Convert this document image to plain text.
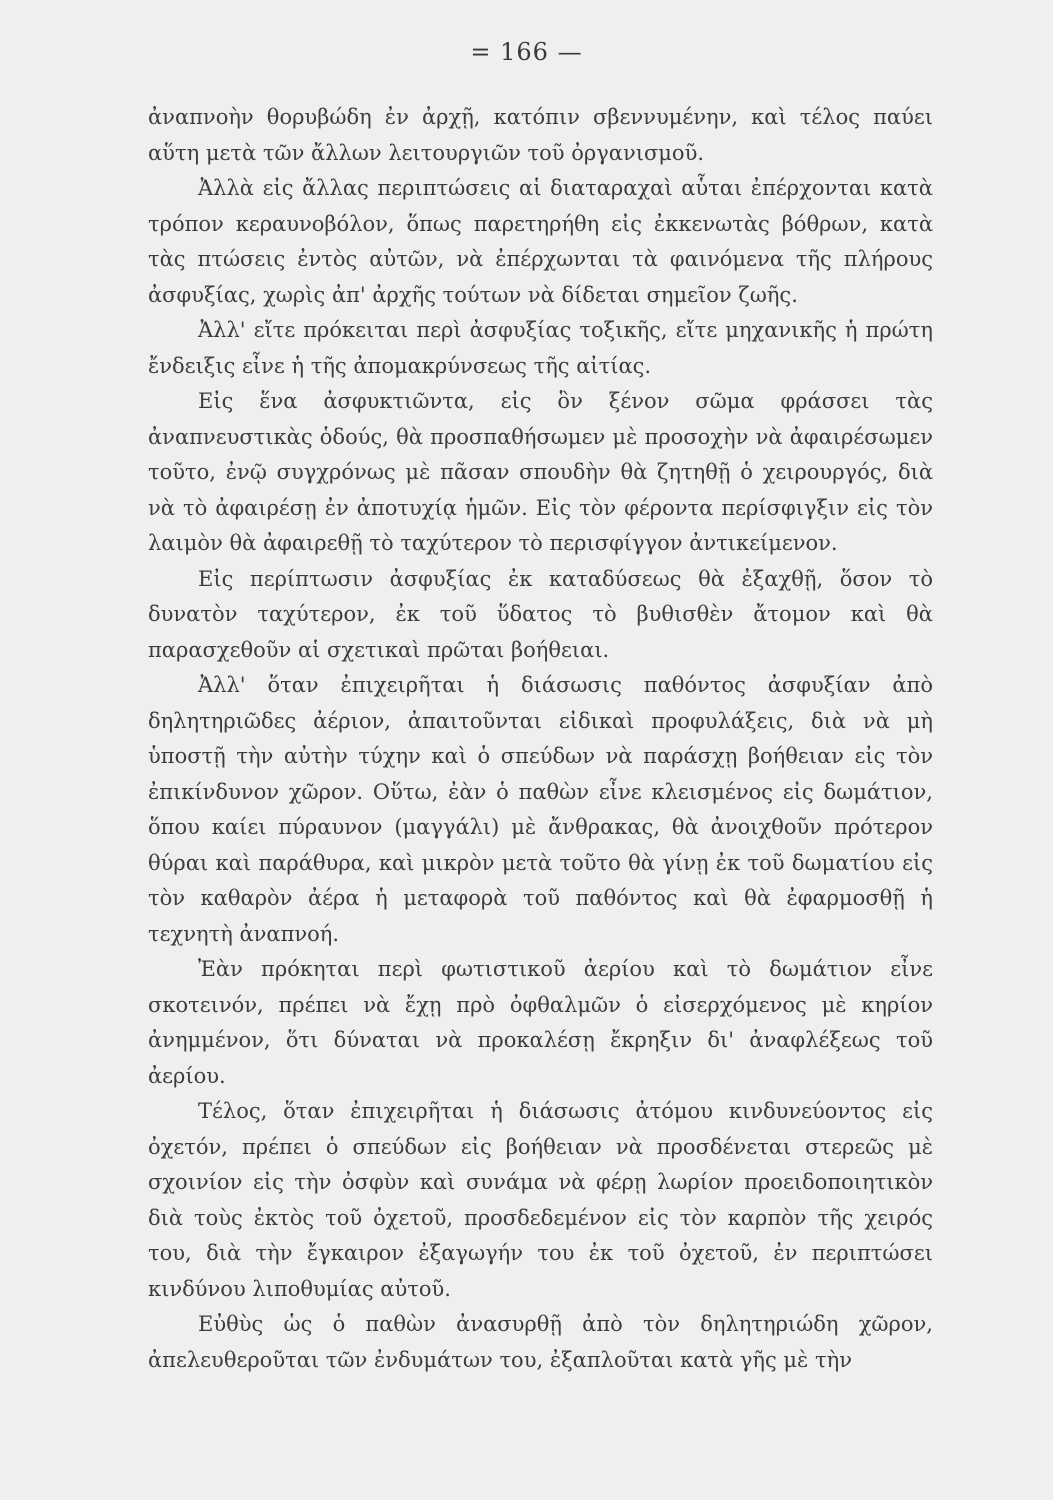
= 166 —

ἀναπνοὴν θορυβώδη ἐν ἀρχῇ, κατόπιν σβεννυμένην, καὶ τέλος παύει αὕτη μετὰ τῶν ἄλλων λειτουργιῶν τοῦ ὀργανισμοῦ.

Ἀλλὰ εἰς ἄλλας περιπτώσεις αἱ διαταραχαὶ αὗται ἐπέρχονται κατὰ τρόπον κεραυνοβόλον, ὅπως παρετηρήθη εἰς ἐκκενωτὰς βόθρων, κατὰ τὰς πτώσεις ἐντὸς αὐτῶν, νὰ ἐπέρχωνται τὰ φαινόμενα τῆς πλήρους ἀσφυξίας, χωρὶς ἀπ' ἀρχῆς τούτων νὰ δίδεται σημεῖον ζωῆς.

Ἀλλ' εἴτε πρόκειται περὶ ἀσφυξίας τοξικῆς, εἴτε μηχανικῆς ἡ πρώτη ἔνδειξις εἶνε ἡ τῆς ἀπομακρύνσεως τῆς αἰτίας.

Εἰς ἕνα ἀσφυκτιῶντα, εἰς ὃν ξένον σῶμα φράσσει τὰς ἀναπνευστικὰς ὁδούς, θὰ προσπαθήσωμεν μὲ προσοχὴν νὰ ἀφαιρέσωμεν τοῦτο, ἐνῷ συγχρόνως μὲ πᾶσαν σπουδὴν θὰ ζητηθῇ ὁ χειρουργός, διὰ νὰ τὸ ἀφαιρέσῃ ἐν ἀποτυχίᾳ ἡμῶν. Εἰς τὸν φέροντα περίσφιγξιν εἰς τὸν λαιμὸν θὰ ἀφαιρεθῇ τὸ ταχύτερον τὸ περισφίγγον ἀντικείμενον.

Εἰς περίπτωσιν ἀσφυξίας ἐκ καταδύσεως θὰ ἐξαχθῇ, ὅσον τὸ δυνατὸν ταχύτερον, ἐκ τοῦ ὕδατος τὸ βυθισθὲν ἄτομον καὶ θὰ παρασχεθοῦν αἱ σχετικαὶ πρῶται βοήθειαι.

Ἀλλ' ὅταν ἐπιχειρῆται ἡ διάσωσις παθόντος ἀσφυξίαν ἀπὸ δηλητηριῶδες ἀέριον, ἀπαιτοῦνται εἰδικαὶ προφυλάξεις, διὰ νὰ μὴ ὑποστῇ τὴν αὐτὴν τύχην καὶ ὁ σπεύδων νὰ παράσχῃ βοήθειαν εἰς τὸν ἐπικίνδυνον χῶρον. Οὕτω, ἐὰν ὁ παθὼν εἶνε κλεισμένος εἰς δωμάτιον, ὅπου καίει πύραυνον (μαγγάλι) μὲ ἄνθρακας, θὰ ἀνοιχθοῦν πρότερον θύραι καὶ παράθυρα, καὶ μικρὸν μετὰ τοῦτο θὰ γίνῃ ἐκ τοῦ δωματίου εἰς τὸν καθαρὸν ἀέρα ἡ μεταφορὰ τοῦ παθόντος καὶ θὰ ἐφαρμοσθῇ ἡ τεχνητὴ ἀναπνοή.

Ἐὰν πρόκηται περὶ φωτιστικοῦ ἀερίου καὶ τὸ δωμάτιον εἶνε σκοτεινόν, πρέπει νὰ ἔχῃ πρὸ ὀφθαλμῶν ὁ εἰσερχόμενος μὲ κηρίον ἀνημμένον, ὅτι δύναται νὰ προκαλέσῃ ἔκρηξιν δι' ἀναφλέξεως τοῦ ἀερίου.

Τέλος, ὅταν ἐπιχειρῆται ἡ διάσωσις ἀτόμου κινδυνεύοντος εἰς ὀχετόν, πρέπει ὁ σπεύδων εἰς βοήθειαν νὰ προσδένεται στερεῶς μὲ σχοινίον εἰς τὴν ὀσφὺν καὶ συνάμα νὰ φέρῃ λωρίον προειδοποιητικὸν διὰ τοὺς ἐκτὸς τοῦ ὀχετοῦ, προσδεδεμένον εἰς τὸν καρπὸν τῆς χειρός του, διὰ τὴν ἔγκαιρον ἐξαγωγήν του ἐκ τοῦ ὀχετοῦ, ἐν περιπτώσει κινδύνου λιποθυμίας αὐτοῦ.

Εὐθὺς ὡς ὁ παθὼν ἀνασυρθῇ ἀπὸ τὸν δηλητηριώδη χῶρον, ἀπελευθεροῦται τῶν ἐνδυμάτων του, ἐξαπλοῦται κατὰ γῆς μὲ τὴν
